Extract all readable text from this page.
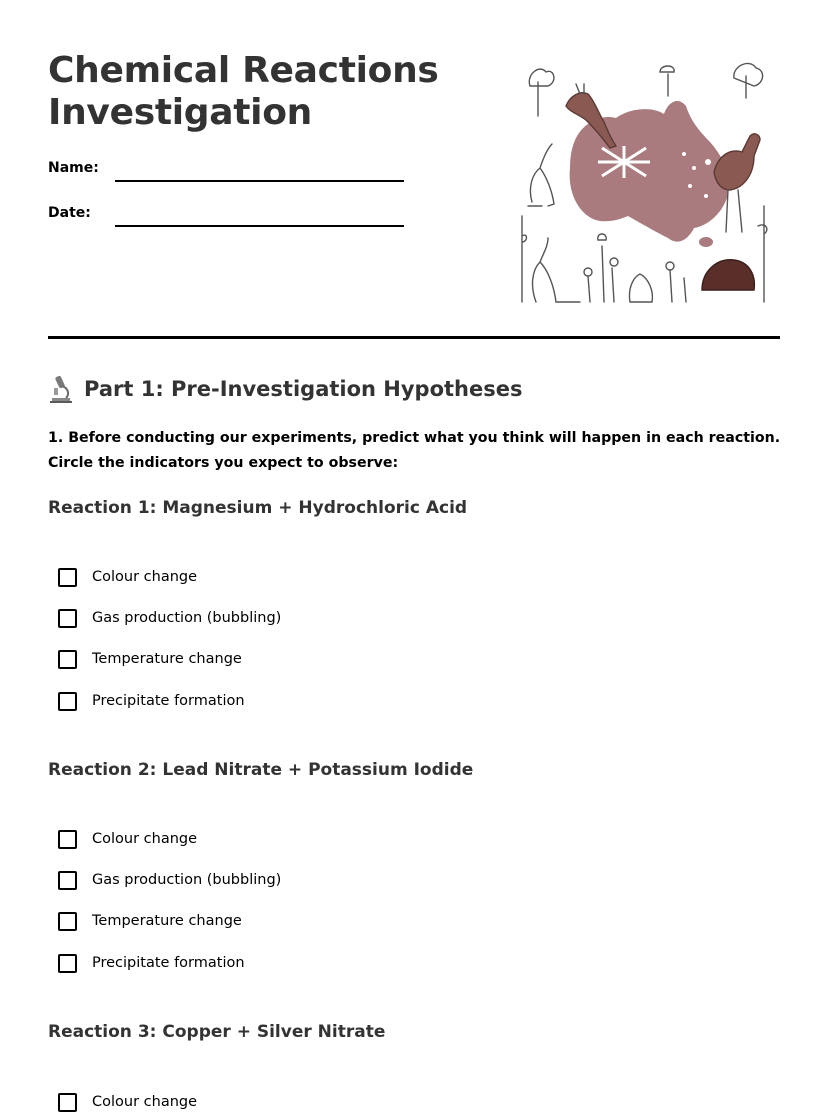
Chemical Reactions
Investigation
Name:
Date:
Part 1: Pre-Investigation Hypotheses

1. Before conducting our experiments, predict what you think will happen in each reaction. Circle the indicators you expect to observe:

Reaction 1: Magnesium + Hydrochloric Acid
Colour change
Gas production (bubbling)
Temperature change
Precipitate formation
Reaction 2: Lead Nitrate + Potassium Iodide
Colour change
Gas production (bubbling)
Temperature change
Precipitate formation
Reaction 3: Copper + Silver Nitrate
Colour change
